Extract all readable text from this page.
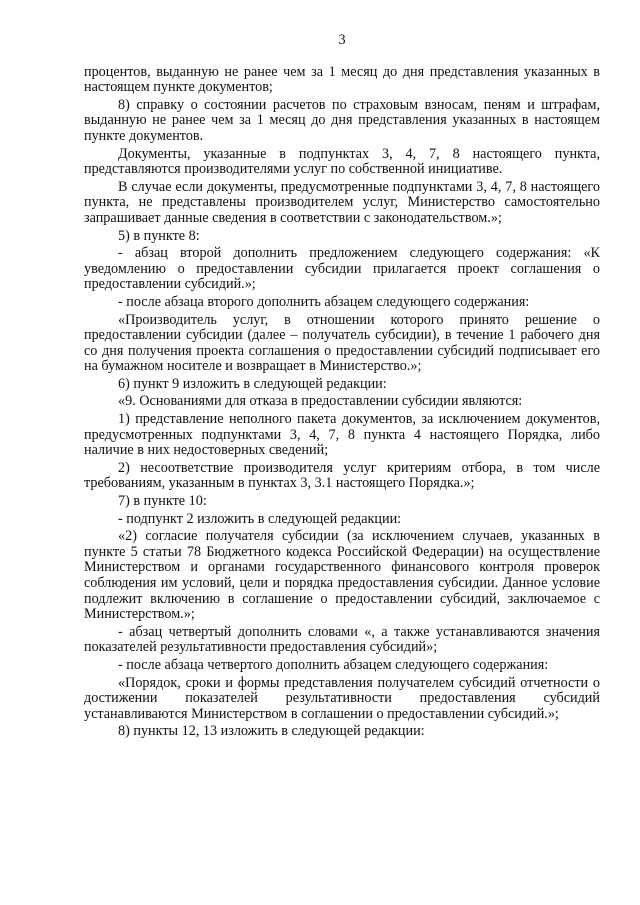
3

процентов, выданную не ранее чем за 1 месяц до дня представления указанных в настоящем пункте документов;

8) справку о состоянии расчетов по страховым взносам, пеням и штрафам, выданную не ранее чем за 1 месяц до дня представления указанных в настоящем пункте документов.

Документы, указанные в подпунктах 3, 4, 7, 8 настоящего пункта, представляются производителями услуг по собственной инициативе.

В случае если документы, предусмотренные подпунктами 3, 4, 7, 8 настоящего пункта, не представлены производителем услуг, Министерство самостоятельно запрашивает данные сведения в соответствии с законодательством.»;

5) в пункте 8:

- абзац второй дополнить предложением следующего содержания: «К уведомлению о предоставлении субсидии прилагается проект соглашения о предоставлении субсидий.»;

- после абзаца второго дополнить абзацем следующего содержания:

«Производитель услуг, в отношении которого принято решение о предоставлении субсидии (далее – получатель субсидии), в течение 1 рабочего дня со дня получения проекта соглашения о предоставлении субсидий подписывает его на бумажном носителе и возвращает в Министерство.»;

6) пункт 9 изложить в следующей редакции:

«9. Основаниями для отказа в предоставлении субсидии являются:

1) представление неполного пакета документов, за исключением документов, предусмотренных подпунктами 3, 4, 7, 8 пункта 4 настоящего Порядка, либо наличие в них недостоверных сведений;

2) несоответствие производителя услуг критериям отбора, в том числе требованиям, указанным в пунктах 3, 3.1 настоящего Порядка.»;

7) в пункте 10:

- подпункт 2 изложить в следующей редакции:

«2) согласие получателя субсидии (за исключением случаев, указанных в пункте 5 статьи 78 Бюджетного кодекса Российской Федерации) на осуществление Министерством и органами государственного финансового контроля проверок соблюдения им условий, цели и порядка предоставления субсидии. Данное условие подлежит включению в соглашение о предоставлении субсидий, заключаемое с Министерством.»;

- абзац четвертый дополнить словами «, а также устанавливаются значения показателей результативности предоставления субсидий»;

- после абзаца четвертого дополнить абзацем следующего содержания:

«Порядок, сроки и формы представления получателем субсидий отчетности о достижении показателей результативности предоставления субсидий устанавливаются Министерством в соглашении о предоставлении субсидий.»;

8) пункты 12, 13 изложить в следующей редакции:
